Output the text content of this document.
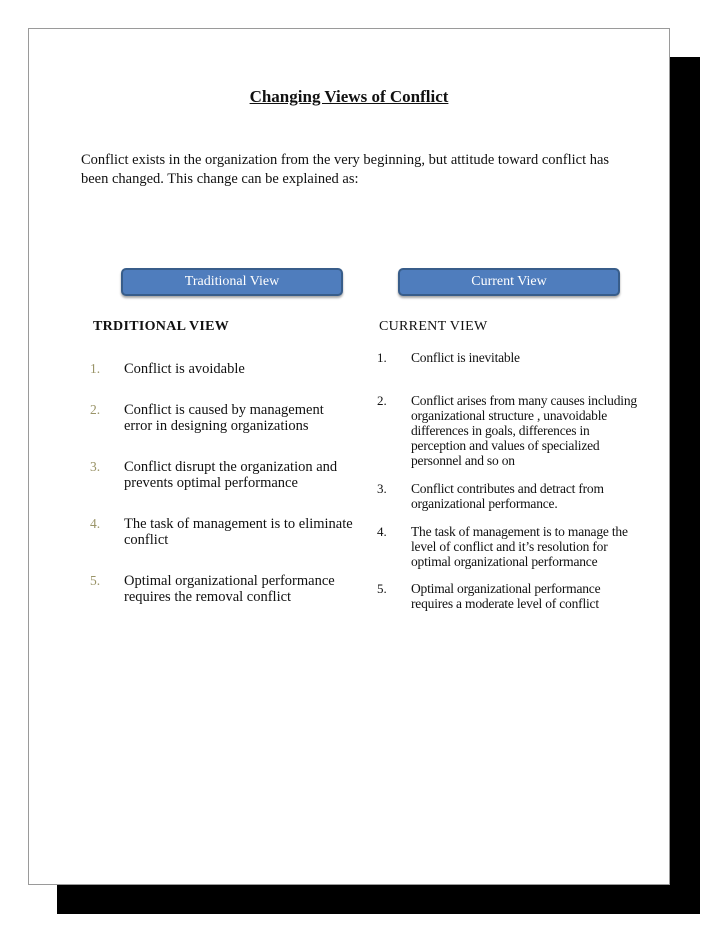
Changing Views of Conflict
Conflict exists in the organization from the very beginning, but attitude toward conflict has been changed. This change can be explained as:
Traditional View	Current View
TRDITIONAL VIEW	CURRENT VIEW
1. Conflict is avoidable
2. Conflict is caused by management error in designing organizations
3. Conflict disrupt the organization and prevents optimal performance
4. The task of management is to eliminate conflict
5. Optimal organizational performance requires the removal conflict
1. Conflict is inevitable
2. Conflict arises from many causes including organizational structure , unavoidable differences in goals, differences in perception and values of specialized personnel and so on
3. Conflict contributes and detract from organizational performance.
4. The task of management is to manage the level of conflict and it’s resolution for optimal organizational performance
5. Optimal organizational performance requires a moderate level of conflict
